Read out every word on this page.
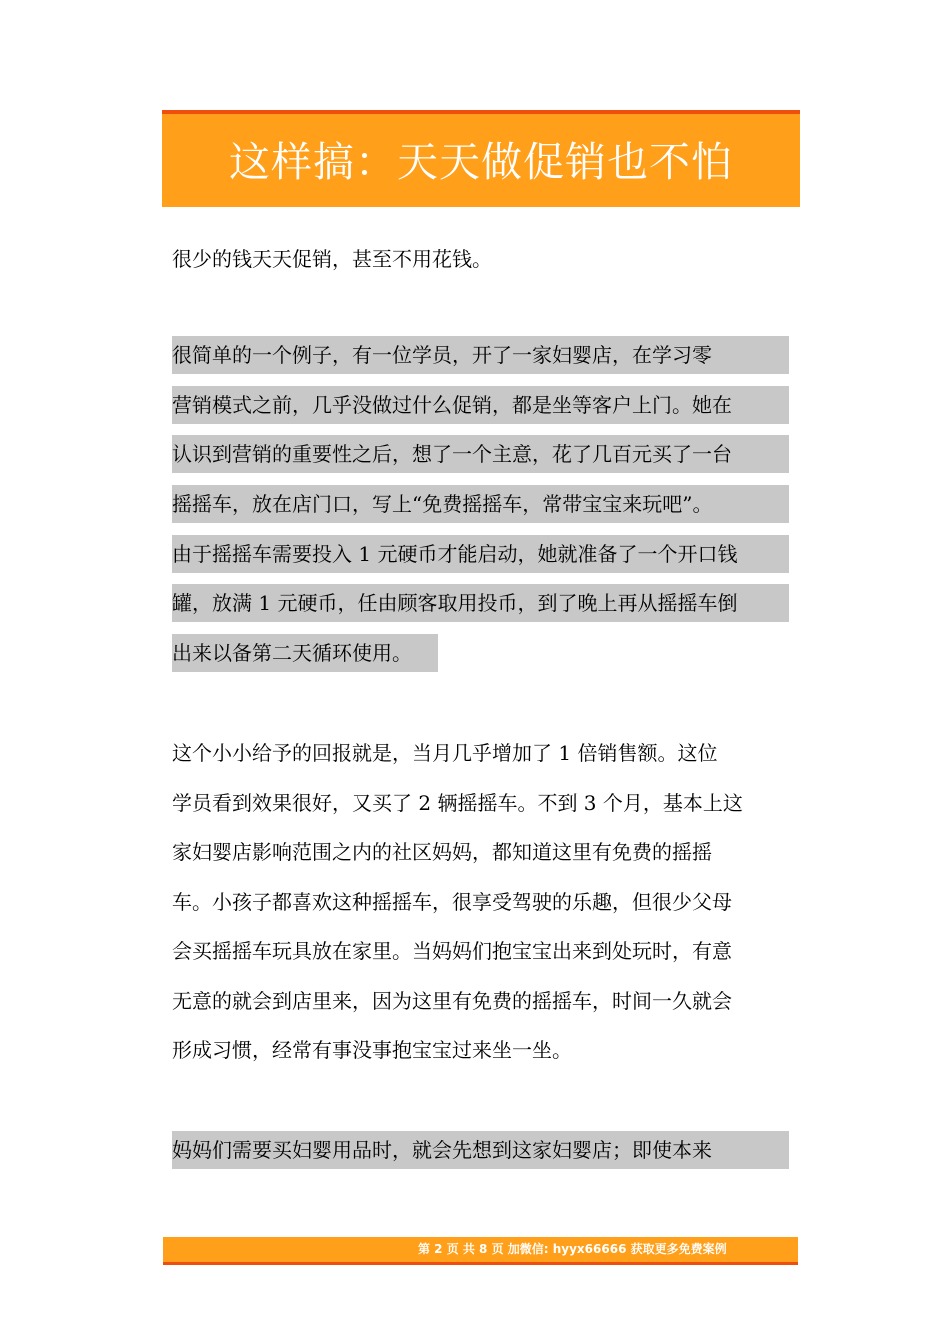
这样搞：天天做促销也不怕
很少的钱天天促销，甚至不用花钱。
很简单的一个例子，有一位学员，开了一家妇婴店，在学习零
营销模式之前，几乎没做过什么促销，都是坐等客户上门。她在
认识到营销的重要性之后，想了一个主意，花了几百元买了一台
摇摇车，放在店门口，写上“免费摇摇车，常带宝宝来玩吧”。
由于摇摇车需要投入 1 元硬币才能启动，她就准备了一个开口钱
罐，放满 1 元硬币，任由顾客取用投币，到了晚上再从摇摇车倒
出来以备第二天循环使用。
这个小小给予的回报就是，当月几乎增加了 1 倍销售额。这位
学员看到效果很好，又买了 2 辆摇摇车。不到 3 个月，基本上这
家妇婴店影响范围之内的社区妈妈，都知道这里有免费的摇摇
车。小孩子都喜欢这种摇摇车，很享受驾驶的乐趣，但很少父母
会买摇摇车玩具放在家里。当妈妈们抱宝宝出来到处玩时，有意
无意的就会到店里来，因为这里有免费的摇摇车，时间一久就会
形成习惯，经常有事没事抱宝宝过来坐一坐。
妈妈们需要买妇婴用品时，就会先想到这家妇婴店；即使本来
第 2 页 共 8 页 加微信: hyyx66666 获取更多免费案例
